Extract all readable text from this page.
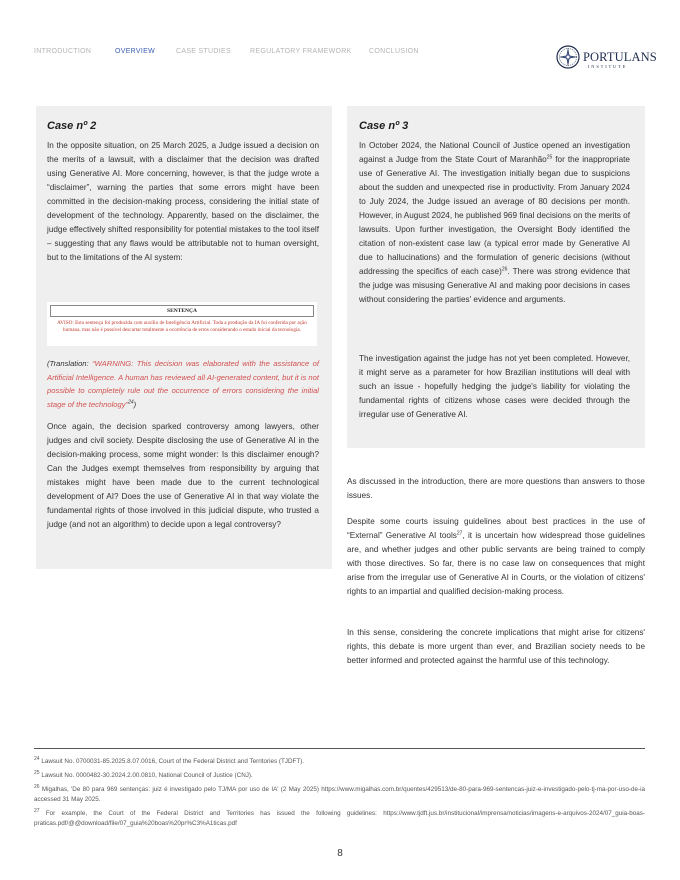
INTRODUCTION	OVERVIEW	CASE STUDIES	REGULATORY FRAMEWORK CONCLUSION	PORTULANS
INSTITUTE
Case nº 2

In the opposite situation, on 25 March 2025, a Judge issued a decision on the merits of a lawsuit, with a disclaimer that the decision was drafted using Generative AI. More concerning, however, is that the judge wrote a “disclaimer”, warning the parties that some errors might have been committed in the decision-making process, considering the initial state of development of the technology. Apparently, based on the disclaimer, the judge effectively shifted responsibility for potential mistakes to the tool itself – suggesting that any flaws would be attributable not to human oversight, but to the limitations of the AI system:

SENTENÇA
AVISO: Esta sentença foi produzida com auxílio de Inteligência Artificial. Toda a produção da IA foi conferida por ação humana, mas não é possível descartar totalmente a ocorrência de erros considerando o estado inicial da tecnologia.
(Translation: “WARNING: This decision was elaborated with the assistance of Artificial Intelligence. A human has reviewed all AI-generated content, but it is not possible to completely rule out the occurrence of errors considering the initial stage of the technology”$^{24}$)

Once again, the decision sparked controversy among lawyers, other judges and civil society. Despite disclosing the use of Generative AI in the decision-making process, some might wonder: Is this disclaimer enough? Can the Judges exempt themselves from responsibility by arguing that mistakes might have been made due to the current technological development of AI? Does the use of Generative AI in that way violate the fundamental rights of those involved in this judicial dispute, who trusted a judge (and not an algorithm) to decide upon a legal controversy?

Case nº 3

In October 2024, the National Council of Justice opened an investigation against a Judge from the State Court of Maranhão$^{25}$ for the inappropriate use of Generative AI. The investigation initially began due to suspicions about the sudden and unexpected rise in productivity. From January 2024 to July 2024, the Judge issued an average of 80 decisions per month. However, in August 2024, he published 969 final decisions on the merits of lawsuits. Upon further investigation, the Oversight Body identified the citation of non-existent case law (a typical error made by Generative AI due to hallucinations) and the formulation of generic decisions (without addressing the specifics of each case)$^{26}$. There was strong evidence that the judge was misusing Generative AI and making poor decisions in cases without considering the parties' evidence and arguments.

The investigation against the judge has not yet been completed. However, it might serve as a parameter for how Brazilian institutions will deal with such an issue - hopefully hedging the judge's liability for violating the fundamental rights of citizens whose cases were decided through the irregular use of Generative AI.

As discussed in the introduction, there are more questions than answers to those issues.

Despite some courts issuing guidelines about best practices in the use of “External” Generative AI tools$^{27}$, it is uncertain how widespread those guidelines are, and whether judges and other public servants are being trained to comply with those directives. So far, there is no case law on consequences that might arise from the irregular use of Generative AI in Courts, or the violation of citizens' rights to an impartial and qualified decision-making process.

In this sense, considering the concrete implications that might arise for citizens' rights, this debate is more urgent than ever, and Brazilian society needs to be better informed and protected against the harmful use of this technology.

$^{24}$ Lawsuit No. 0700031-85.2025.8.07.0016, Court of the Federal District and Territories (TJDFT).
$^{25}$ Lawsuit No. 0000482-30.2024.2.00.0810, National Council of Justice (CNJ).
$^{26}$ Migalhas, 'De 80 para 969 sentenças: juiz é investigado pelo TJ/MA por uso de IA' (2 May 2025) https://www.migalhas.com.br/quentes/429513/de-80-para-969-sentencas-juiz-e-investigado-pelo-tj-ma-por-uso-de-ia accessed 31 May 2025.
$^{27}$ For example, the Court of the Federal District and Territories has issued the following guidelines: https://www.tjdft.jus.br/institucional/imprensa/noticias/imagens-e-arquivos-2024/07_guia-boas-praticas.pdf/@@download/file/07_guia%20boas%20pr%C3%A1ticas.pdf
8
